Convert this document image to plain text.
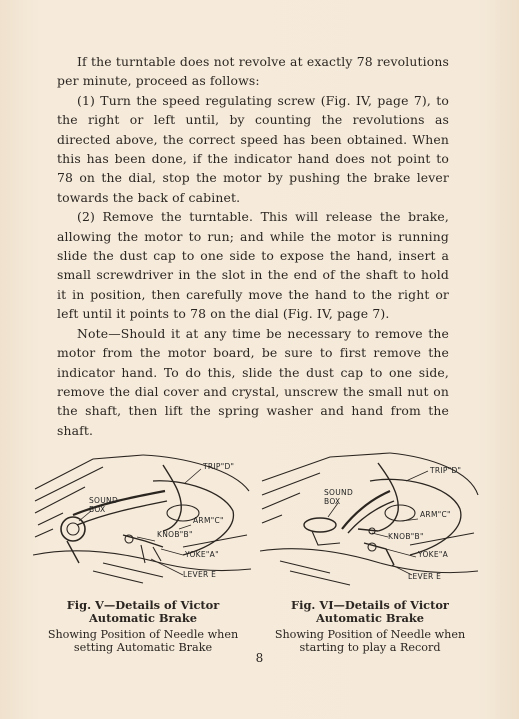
If the turntable does not revolve at exactly 78 revolutions per minute, proceed as follows:

(1) Turn the speed regulating screw (Fig. IV, page 7), to the right or left until, by counting the revolutions as directed above, the correct speed has been obtained. When this has been done, if the indicator hand does not point to 78 on the dial, stop the motor by pushing the brake lever towards the back of cabinet.

(2) Remove the turntable. This will release the brake, allowing the motor to run; and while the motor is running slide the dust cap to one side to expose the hand, insert a small screwdriver in the slot in the end of the shaft to hold it in position, then carefully move the hand to the right or left until it points to 78 on the dial (Fig. IV, page 7).

Note—Should it at any time be necessary to remove the motor from the motor board, be sure to first remove the indicator hand. To do this, slide the dust cap to one side, remove the dial cover and crystal, unscrew the small nut on the shaft, then lift the spring washer and hand from the shaft.

TRIP"D"
SOUND
BOX
ARM"C"
KNOB"B"
YOKE"A"
LEVER E
Fig. V—Details of Victor
Automatic Brake
Showing Position of Needle when
setting Automatic Brake
TRIP"D"
SOUND
BOX
ARM"C"
KNOB"B"
YOKE"A
LEVER E
Fig. VI—Details of Victor
Automatic Brake
Showing Position of Needle when
starting to play a Record
8
